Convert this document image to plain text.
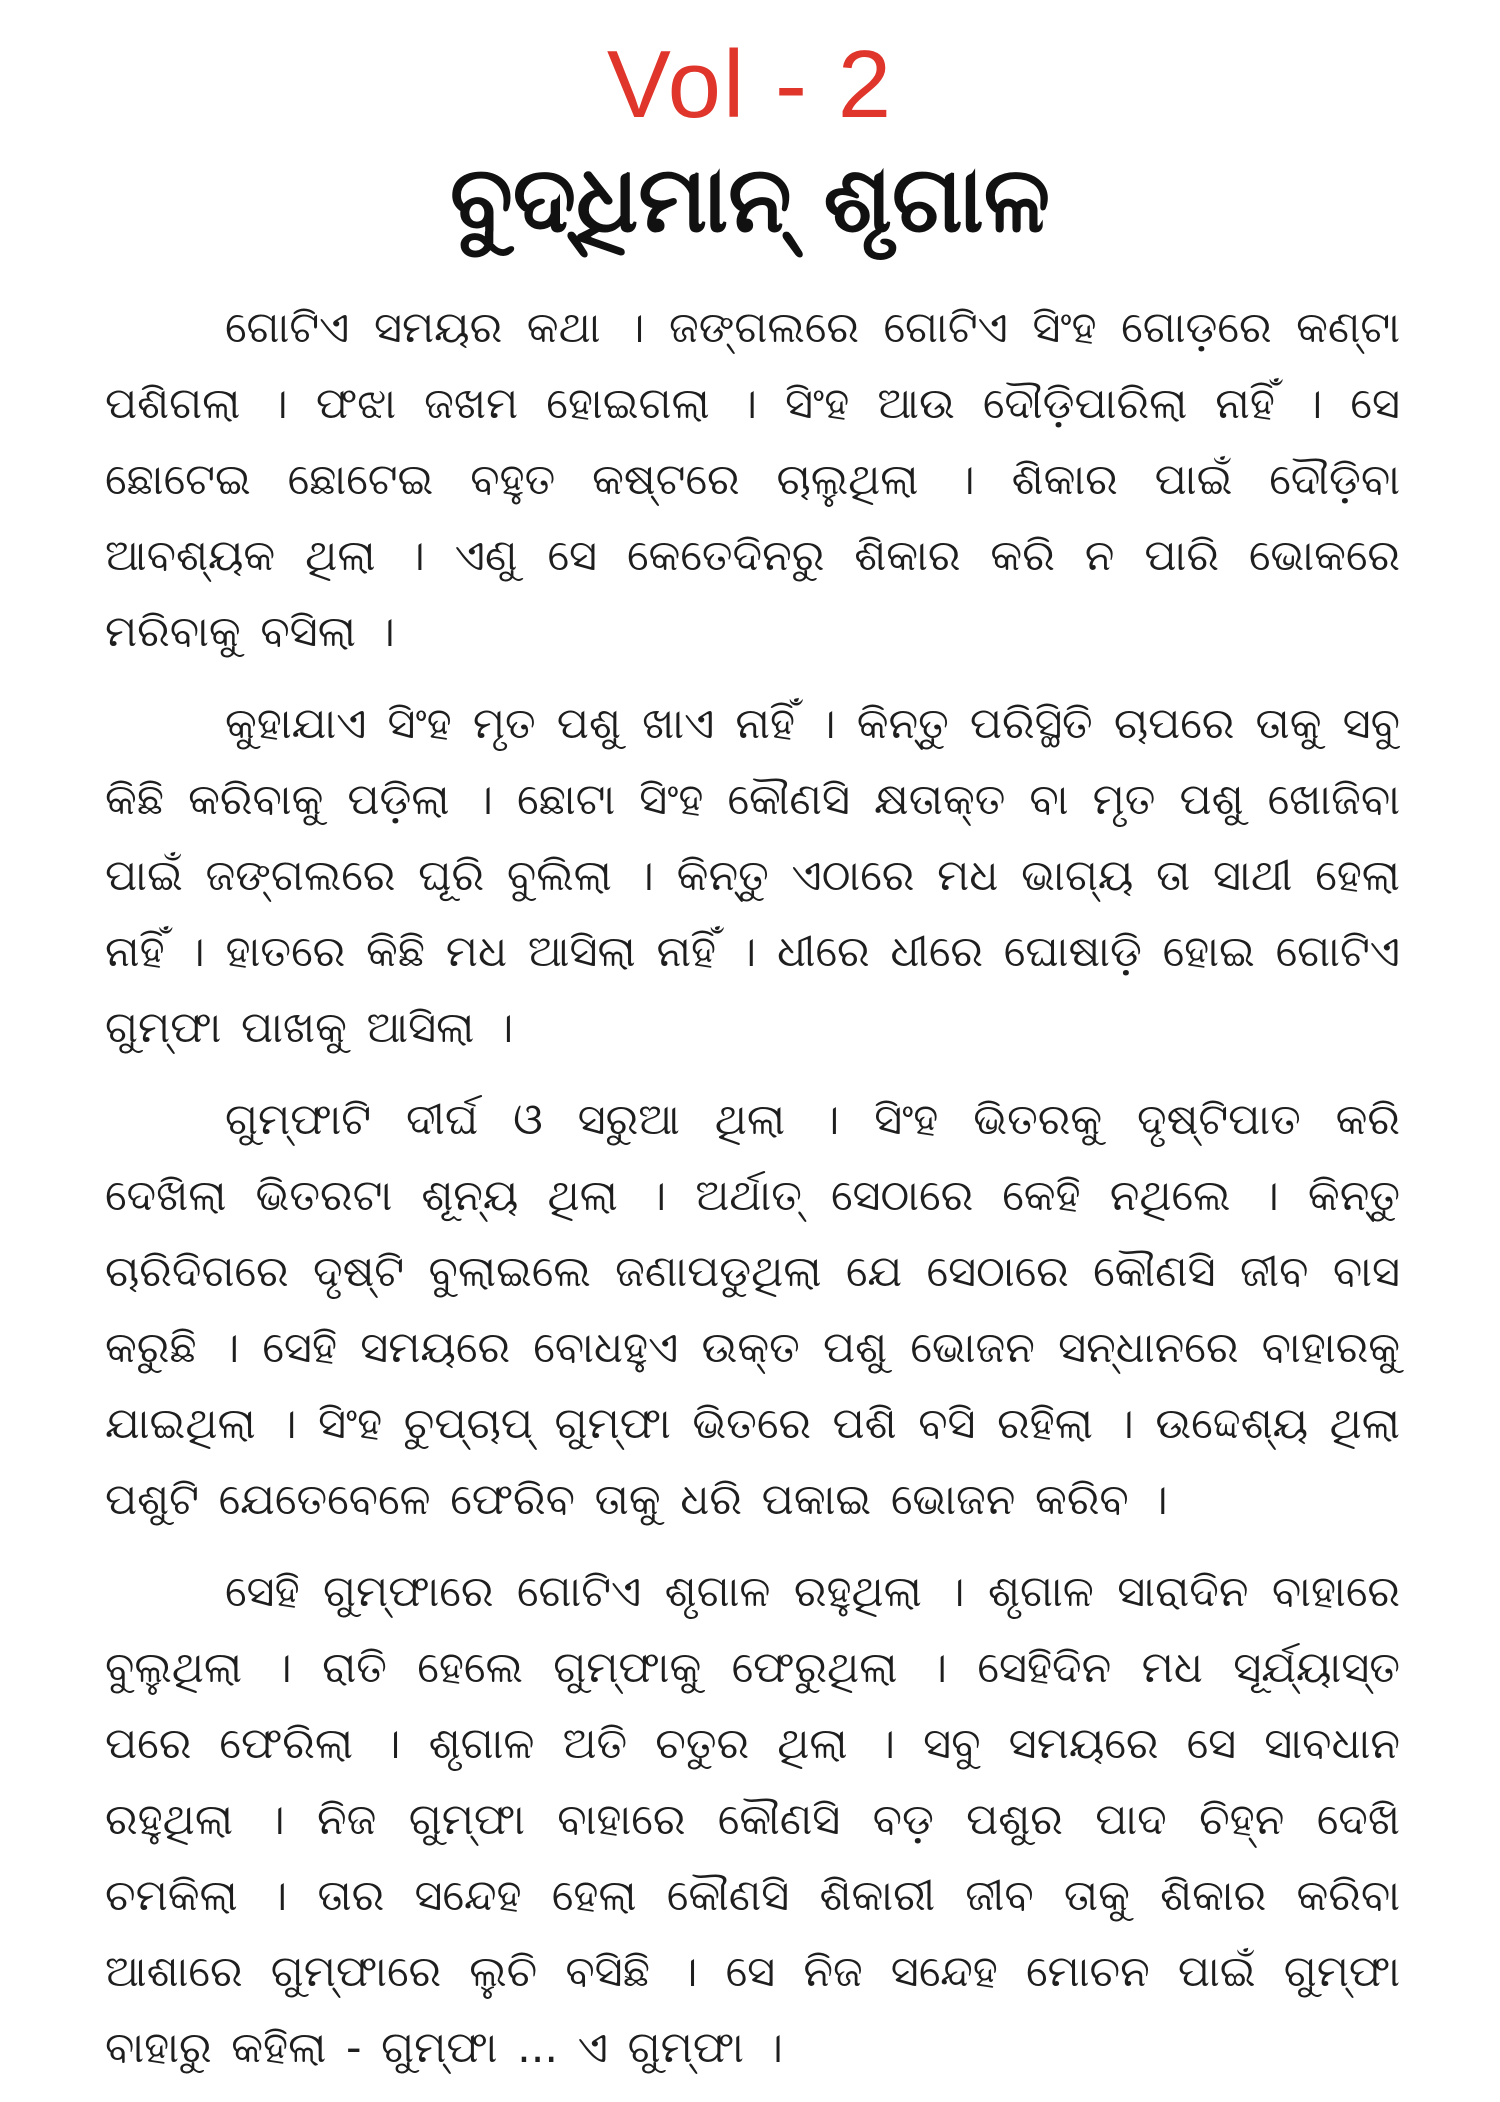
Vol - 2
ବୁଦ୍ଧିମାନ୍ ଶୃଗାଳ

ଗୋଟିଏ ସମୟର କଥା । ଜଙ୍ଗଲରେ ଗୋଟିଏ ସିଂହ ଗୋଡ଼ରେ କଣ୍ଟା ପଶିଗଲା । ଫଝା ଜଖମ ହୋଇଗଲା । ସିଂହ ଆଉ ଦୌଡ଼ିପାରିଲା ନାହିଁ । ସେ ଛୋଟେଇ ଛୋଟେଇ ବହୁତ କଷ୍ଟରେ ଚାଲୁଥିଲା । ଶିକାର ପାଇଁ ଦୌଡ଼ିବା ଆବଶ୍ୟକ ଥିଲା । ଏଣୁ ସେ କେତେଦିନରୁ ଶିକାର କରି ନ ପାରି ଭୋକରେ ମରିବାକୁ ବସିଲା ।

କୁହାଯାଏ ସିଂହ ମୃତ ପଶୁ ଖାଏ ନାହିଁ । କିନ୍ତୁ ପରିସ୍ଥିତି ଚାପରେ ତାକୁ ସବୁ କିଛି କରିବାକୁ ପଡ଼ିଲା । ଛୋଟା ସିଂହ କୌଣସି କ୍ଷତାକ୍ତ ବା ମୃତ ପଶୁ ଖୋଜିବା ପାଇଁ ଜଙ୍ଗଲରେ ଘୂରି ବୁଲିଲା । କିନ୍ତୁ ଏଠାରେ ମଧ ଭାଗ୍ୟ ତା ସାଥୀ ହେଲା ନାହିଁ । ହାତରେ କିଛି ମଧ ଆସିଲା ନାହିଁ । ଧୀରେ ଧୀରେ ଘୋଷାଡ଼ି ହୋଇ ଗୋଟିଏ ଗୁମ୍ଫା ପାଖକୁ ଆସିଲା ।

ଗୁମ୍ଫାଟି ଦୀର୍ଘ ଓ ସରୁଆ ଥିଲା । ସିଂହ ଭିତରକୁ ଦୃଷ୍ଟିପାତ କରି ଦେଖିଲା ଭିତରଟା ଶୂନ୍ୟ ଥିଲା । ଅର୍ଥାତ୍ ସେଠାରେ କେହି ନଥିଲେ । କିନ୍ତୁ ଚାରିଦିଗରେ ଦୃଷ୍ଟି ବୁଲାଇଲେ ଜଣାପଡୁଥିଲା ଯେ ସେଠାରେ କୌଣସି ଜୀବ ବାସ କରୁଛି । ସେହି ସମୟରେ ବୋଧହୁଏ ଉକ୍ତ ପଶୁ ଭୋଜନ ସନ୍ଧାନରେ ବାହାରକୁ ଯାଇଥିଲା । ସିଂହ ଚୁପ୍‌ଚାପ୍ ଗୁମ୍ଫା ଭିତରେ ପଶି ବସି ରହିଲା । ଉଦ୍ଦେଶ୍ୟ ଥିଲା ପଶୁଟି ଯେତେବେଳେ ଫେରିବ ତାକୁ ଧରି ପକାଇ ଭୋଜନ କରିବ ।

ସେହି ଗୁମ୍ଫାରେ ଗୋଟିଏ ଶୃଗାଳ ରହୁଥିଲା । ଶୃଗାଳ ସାରାଦିନ ବାହାରେ ବୁଲୁଥିଲା । ରାତି ହେଲେ ଗୁମ୍ଫାକୁ ଫେରୁଥିଲା । ସେହିଦିନ ମଧ ସୂର୍ଯ୍ୟାସ୍ତ ପରେ ଫେରିଲା । ଶୃଗାଳ ଅତି ଚତୁର ଥିଲା । ସବୁ ସମୟରେ ସେ ସାବଧାନ ରହୁଥିଲା । ନିଜ ଗୁମ୍ଫା ବାହାରେ କୌଣସି ବଡ଼ ପଶୁର ପାଦ ଚିହ୍ନ ଦେଖି ଚମକିଲା । ତାର ସନ୍ଦେହ ହେଲା କୌଣସି ଶିକାରୀ ଜୀବ ତାକୁ ଶିକାର କରିବା ଆଶାରେ ଗୁମ୍ଫାରେ ଲୁଚି ବସିଛି । ସେ ନିଜ ସନ୍ଦେହ ମୋଚନ ପାଇଁ ଗୁମ୍ଫା ବାହାରୁ କହିଲା - ଗୁମ୍ଫା ... ଏ ଗୁମ୍ଫା ।
